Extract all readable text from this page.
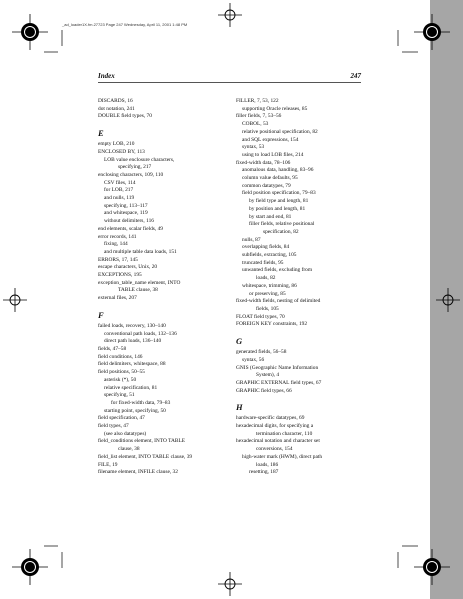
_ad_loader1X.fm.27723 Page 247 Wednesday, April 11, 2001 1:48 PM
Index	247
DISCARDS, 16
dot notation, 241
DOUBLE field types, 70
E
empty LOB, 210
ENCLOSED BY, 113
LOB value enclosure characters,
specifying, 217
enclosing characters, 109, 110
CSV files, 114
for LOB, 217
and nulls, 119
specifying, 113–117
and whitespace, 119
without delimiters, 116
end elements, scalar fields, 49
error records, 141
fixing, 144
and multiple table data loads, 151
ERRORS, 17, 145
escape characters, Unix, 20
EXCEPTIONS, 195
exception_table_name element, INTO
TABLE clause, 38
external files, 207
F
failed loads, recovery, 130–140
conventional path loads, 132–136
direct path loads, 136–140
fields, 47–58
field conditions, 146
field delimiters, whitespace, 88
field positions, 50–55
asterisk (*), 50
relative specification, 81
specifying, 51
for fixed-width data, 79–83
starting point, specifying, 50
field specification, 47
field types, 47
(see also datatypes)
field_conditions element, INTO TABLE
clause, 38
field_list element, INTO TABLE clause, 39
FILE, 19
filename element, INFILE clause, 32
FILLER, 7, 53, 122
supporting Oracle releases, 85
filler fields, 7, 53–56
COBOL, 53
relative positional specification, 82
and SQL expressions, 154
syntax, 53
using to load LOB files, 214
fixed-width data, 78–106
anomalous data, handling, 83–96
column value defaults, 95
common datatypes, 79
field position specification, 79–83
by field type and length, 81
by position and length, 81
by start and end, 81
filler fields, relative positional
specification, 82
nulls, 87
overlapping fields, 84
subfields, extracting, 105
truncated fields, 95
unwanted fields, excluding from
loads, 82
whitespace, trimming, 86
or preserving, 85
fixed-width fields, nesting of delimited
fields, 105
FLOAT field types, 70
FOREIGN KEY constraints, 192
G
generated fields, 56–58
syntax, 56
GNIS (Geographic Name Information
System), 4
GRAPHIC EXTERNAL field types, 67
GRAPHIC field types, 66
H
hardware-specific datatypes, 69
hexadecimal digits, for specifying a
termination character, 110
hexadecimal notation and character set
conversions, 154
high-water mark (HWM), direct path
loads, 186
resetting, 187
